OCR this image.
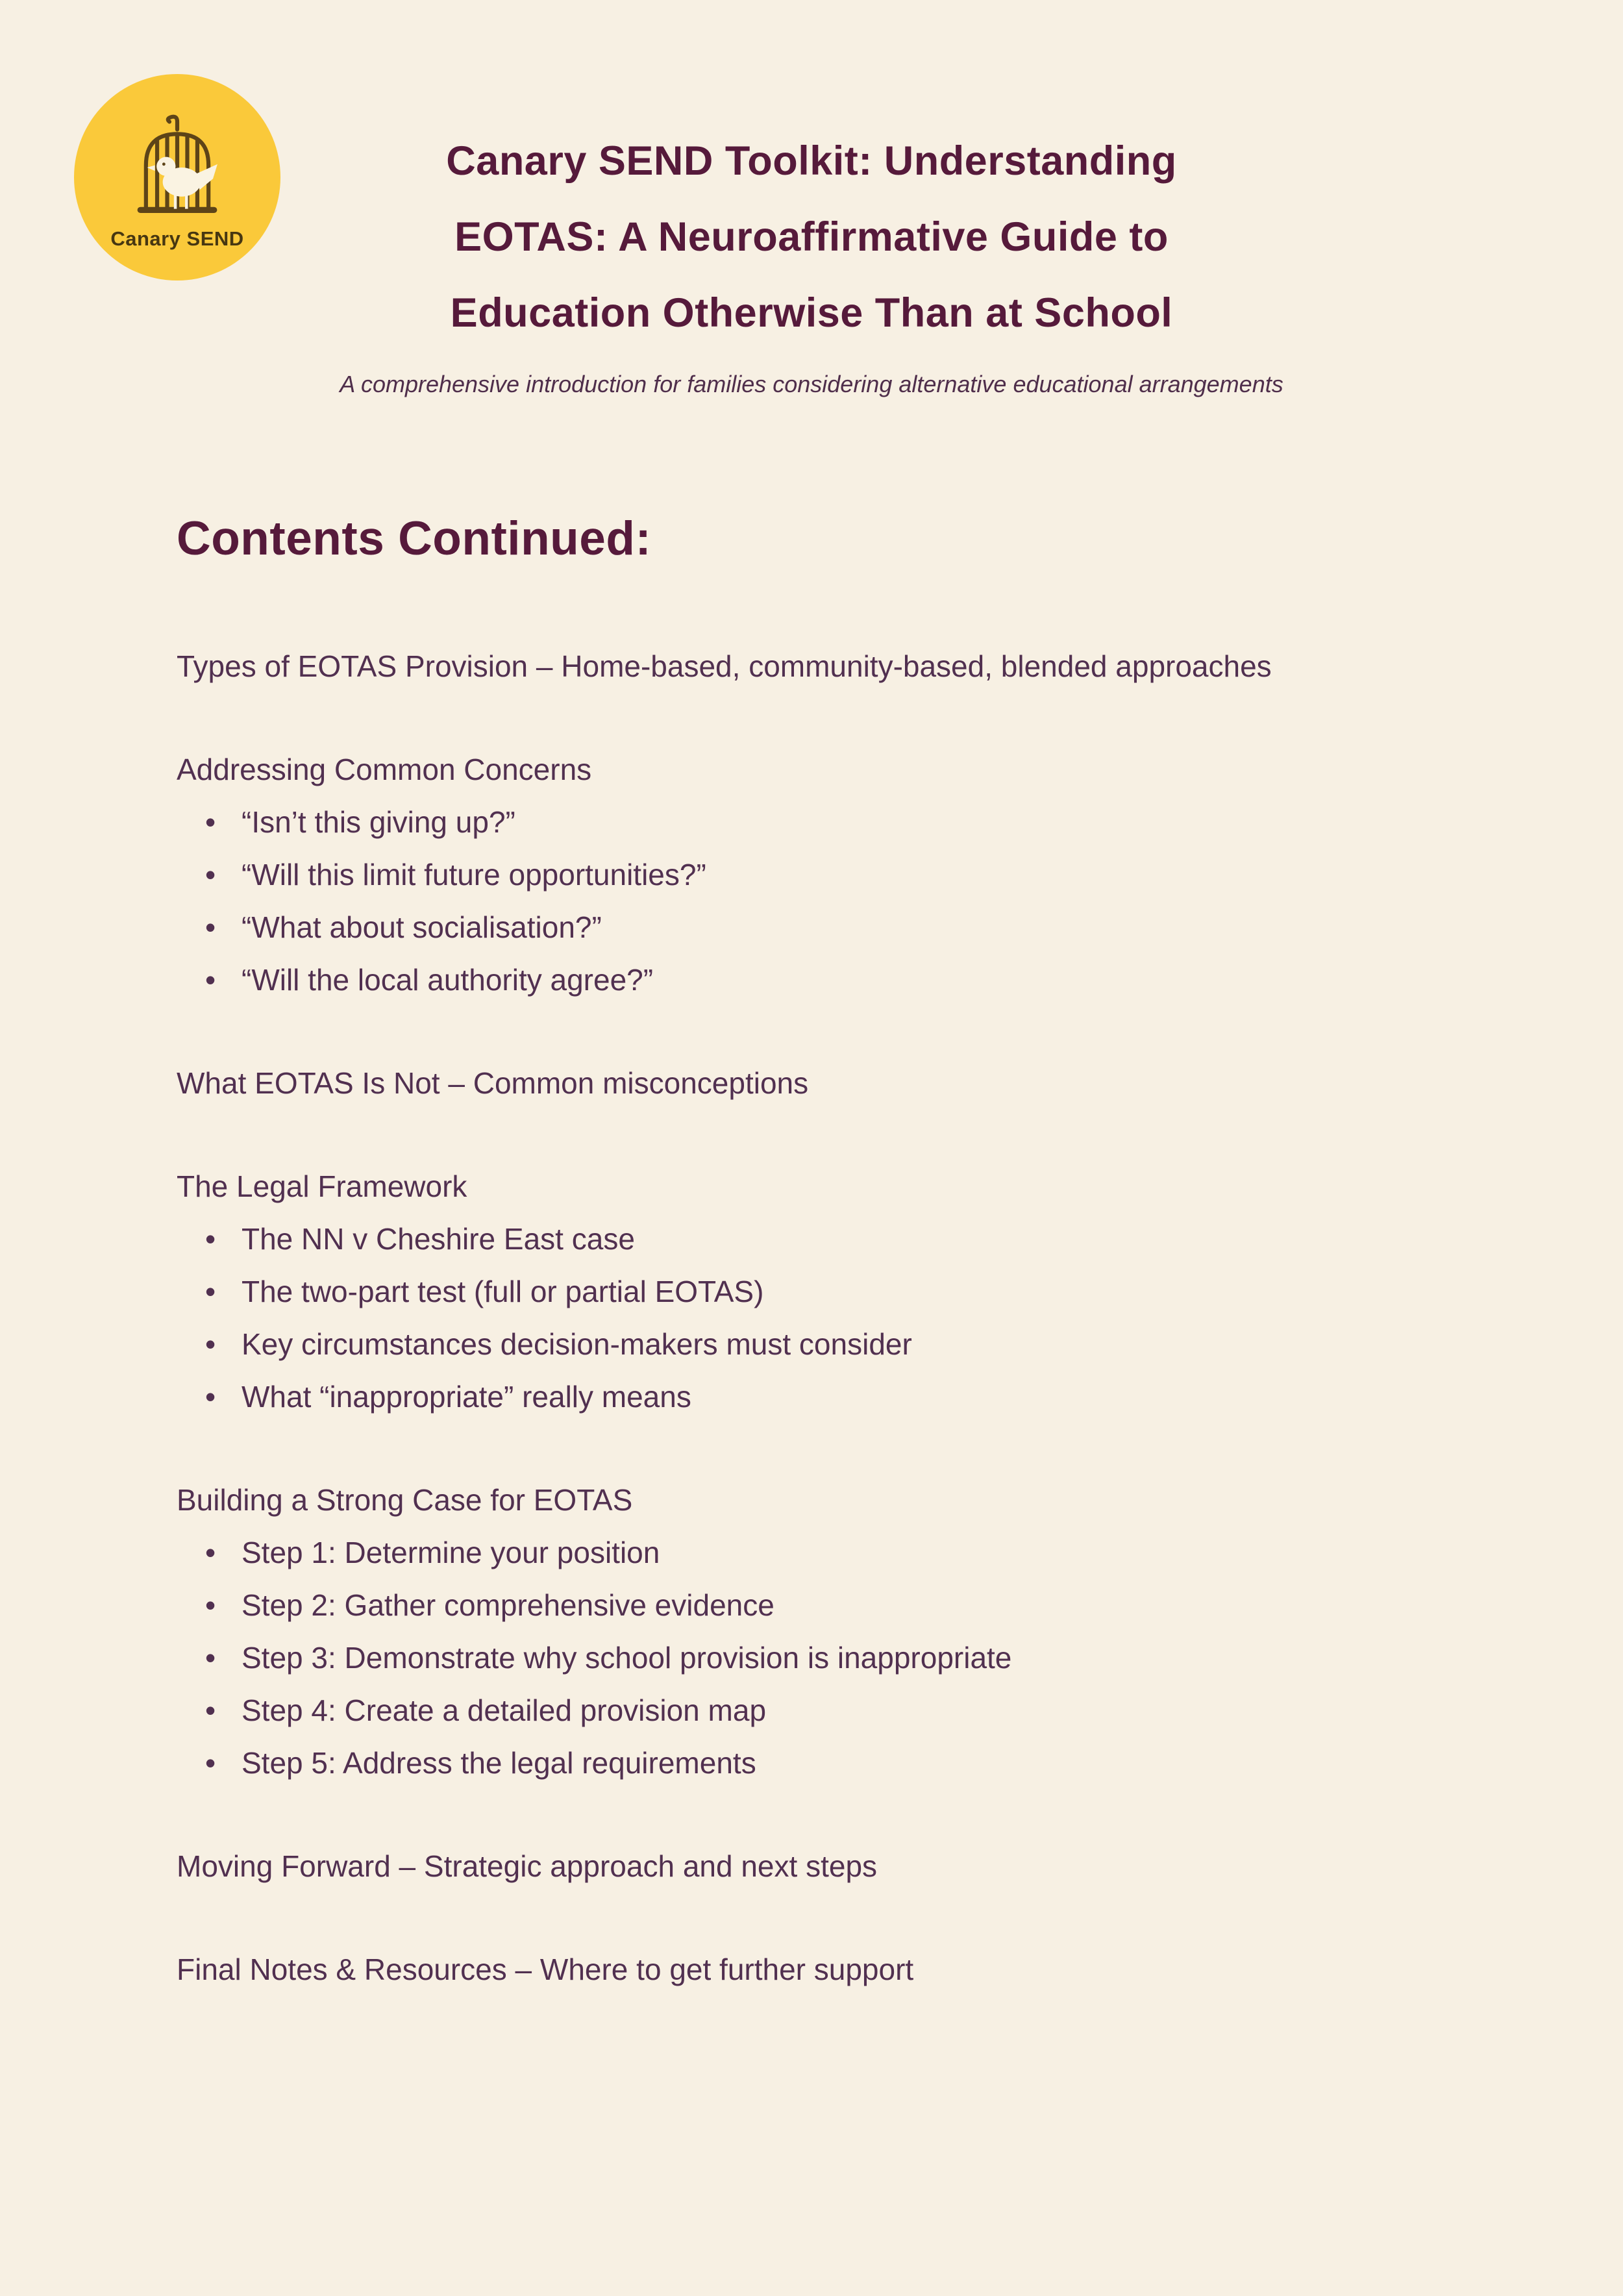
Canary SEND
Canary SEND Toolkit: Understanding
EOTAS: A Neuroaffirmative Guide to
Education Otherwise Than at School

A comprehensive introduction for families considering alternative educational arrangements

Contents Continued:
Types of EOTAS Provision – Home-based, community-based, blended approaches
Addressing Common Concerns
• “Isn’t this giving up?”
• “Will this limit future opportunities?”
• “What about socialisation?”
• “Will the local authority agree?”
What EOTAS Is Not – Common misconceptions
The Legal Framework
• The NN v Cheshire East case
• The two-part test (full or partial EOTAS)
• Key circumstances decision-makers must consider
• What “inappropriate” really means
Building a Strong Case for EOTAS
• Step 1: Determine your position
• Step 2: Gather comprehensive evidence
• Step 3: Demonstrate why school provision is inappropriate
• Step 4: Create a detailed provision map
• Step 5: Address the legal requirements
Moving Forward – Strategic approach and next steps
Final Notes & Resources – Where to get further support
